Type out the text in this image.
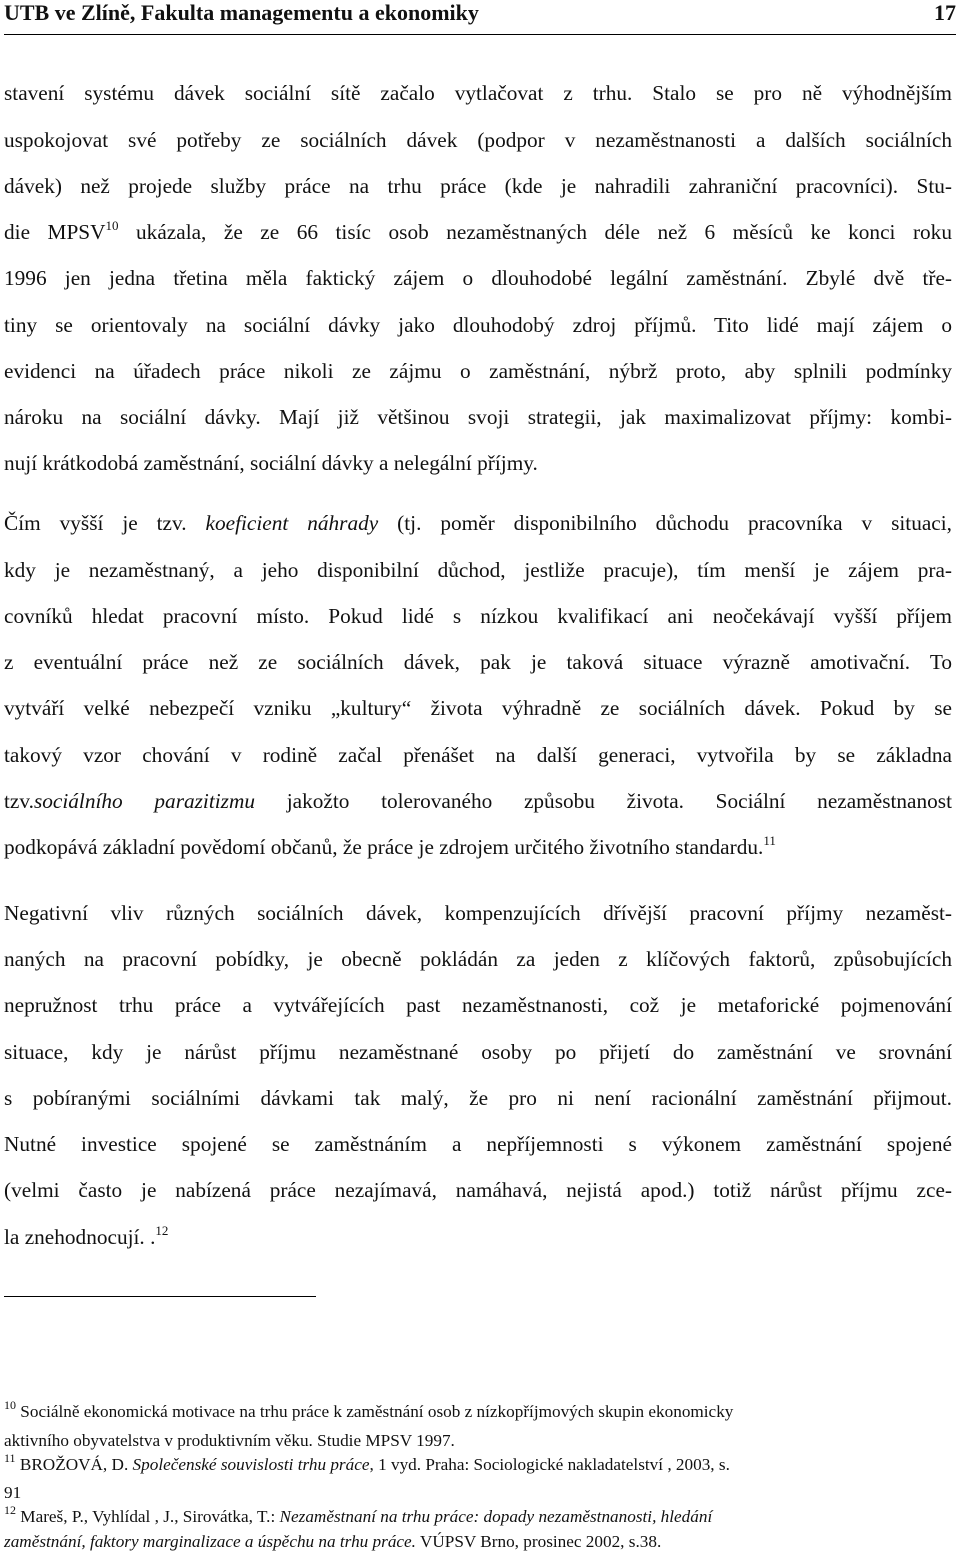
UTB ve Zlíně, Fakulta managementu a ekonomiky	17
stavení systému dávek sociální sítě začalo vytlačovat z trhu. Stalo se pro ně výhodnějším
uspokojovat své potřeby ze sociálních dávek (podpor v nezaměstnanosti a dalších sociálních
dávek) než projede služby práce na trhu práce (kde je nahradili zahraniční pracovníci). Stu-
die MPSV$^{10}$ ukázala, že ze 66 tisíc osob nezaměstnaných déle než 6 měsíců ke konci roku
1996 jen jedna třetina měla faktický zájem o dlouhodobé legální zaměstnání. Zbylé dvě tře-
tiny se orientovaly na sociální dávky jako dlouhodobý zdroj příjmů. Tito lidé mají zájem o
evidenci na úřadech práce nikoli ze zájmu o zaměstnání, nýbrž proto, aby splnili podmínky
nároku na sociální dávky. Mají již většinou svoji strategii, jak maximalizovat příjmy: kombi-
nují krátkodobá zaměstnání, sociální dávky a nelegální příjmy.
Čím vyšší je tzv. koeficient náhrady (tj. poměr disponibilního důchodu pracovníka v situaci,
kdy je nezaměstnaný, a jeho disponibilní důchod, jestliže pracuje), tím menší je zájem pra-
covníků hledat pracovní místo. Pokud lidé s nízkou kvalifikací ani neočekávají vyšší příjem
z eventuální práce než ze sociálních dávek, pak je taková situace výrazně amotivační. To
vytváří velké nebezpečí vzniku „kultury“ života výhradně ze sociálních dávek. Pokud by se
takový vzor chování v rodině začal přenášet na další generaci, vytvořila by se základna
tzv.sociálního parazitizmu jakožto tolerovaného způsobu života. Sociální nezaměstnanost
podkopává základní povědomí občanů, že práce je zdrojem určitého životního standardu.$^{11}$
Negativní vliv různých sociálních dávek, kompenzujících dřívější pracovní příjmy nezaměst-
naných na pracovní pobídky, je obecně pokládán za jeden z klíčových faktorů, způsobujících
nepružnost trhu práce a vytvářejících past nezaměstnanosti, což je metaforické pojmenování
situace, kdy je nárůst příjmu nezaměstnané osoby po přijetí do zaměstnání ve srovnání
s pobíranými sociálními dávkami tak malý, že pro ni není racionální zaměstnání přijmout.
Nutné investice spojené se zaměstnáním a nepříjemnosti s výkonem zaměstnání spojené
(velmi často je nabízená práce nezajímavá, namáhavá, nejistá apod.) totiž nárůst příjmu zce-
la znehodnocují. .$^{12}$
$^{10}$ Sociálně ekonomická motivace na trhu práce k zaměstnání osob z nízkopříjmových skupin ekonomicky
aktivního obyvatelstva v produktivním věku. Studie MPSV 1997.
$^{11}$ BROŽOVÁ, D. Společenské souvislosti trhu práce, 1 vyd. Praha: Sociologické nakladatelství , 2003, s.
91
$^{12}$ Mareš, P., Vyhlídal , J., Sirovátka, T.: Nezaměstnaní na trhu práce: dopady nezaměstnanosti, hledání
zaměstnání, faktory marginalizace a úspěchu na trhu práce. VÚPSV Brno, prosinec 2002, s.38.
